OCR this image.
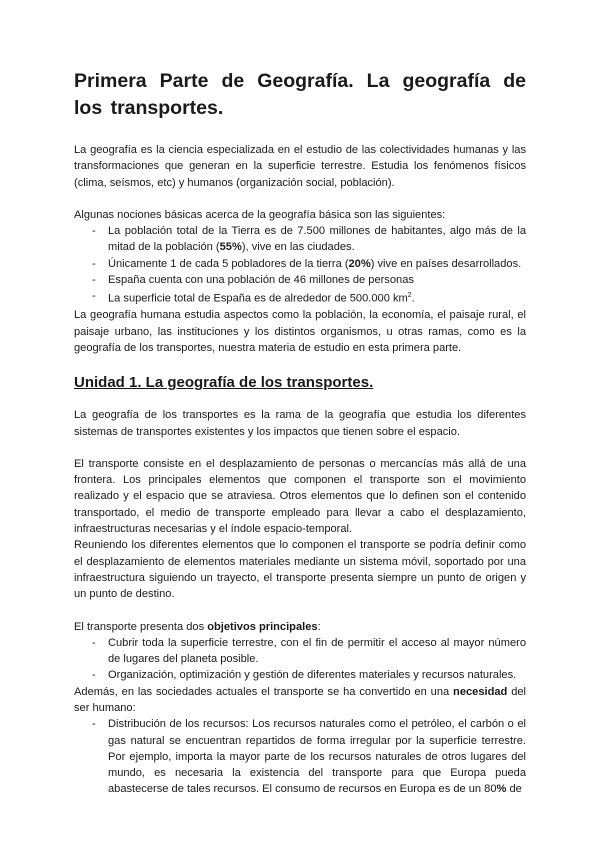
Primera Parte de Geografía. La geografía de los transportes.

La geografía es la ciencia especializada en el estudio de las colectividades humanas y las transformaciones que generan en la superficie terrestre. Estudia los fenómenos físicos (clima, seísmos, etc) y humanos (organización social, población).

Algunas nociones básicas acerca de la geografía básica son las siguientes:

- La población total de la Tierra es de 7.500 millones de habitantes, algo más de la mitad de la población (55%), vive en las ciudades.
- Únicamente 1 de cada 5 pobladores de la tierra (20%) vive en países desarrollados.
- España cuenta con una población de 46 millones de personas
- La superficie total de España es de alrededor de 500.000 $km^2$.

La geografía humana estudia aspectos como la población, la economía, el paisaje rural, el paisaje urbano, las instituciones y los distintos organismos, u otras ramas, como es la geografía de los transportes, nuestra materia de estudio en esta primera parte.

Unidad 1. La geografía de los transportes.

La geografía de los transportes es la rama de la geografía que estudia los diferentes sistemas de transportes existentes y los impactos que tienen sobre el espacio.

El transporte consiste en el desplazamiento de personas o mercancías más allá de una frontera. Los principales elementos que componen el transporte son el movimiento realizado y el espacio que se atraviesa. Otros elementos que lo definen son el contenido transportado, el medio de transporte empleado para llevar a cabo el desplazamiento, infraestructuras necesarias y el índole espacio-temporal.

Reuniendo los diferentes elementos que lo componen el transporte se podría definir como el desplazamiento de elementos materiales mediante un sistema móvil, soportado por una infraestructura siguiendo un trayecto, el transporte presenta siempre un punto de origen y un punto de destino.

El transporte presenta dos objetivos principales:

- Cubrir toda la superficie terrestre, con el fin de permitir el acceso al mayor número de lugares del planeta posible.
- Organización, optimización y gestión de diferentes materiales y recursos naturales.

Además, en las sociedades actuales el transporte se ha convertido en una necesidad del ser humano:

- Distribución de los recursos: Los recursos naturales como el petróleo, el carbón o el gas natural se encuentran repartidos de forma irregular por la superficie terrestre. Por ejemplo, importa la mayor parte de los recursos naturales de otros lugares del mundo, es necesaria la existencia del transporte para que Europa pueda abastecerse de tales recursos. El consumo de recursos en Europa es de un 80% de
